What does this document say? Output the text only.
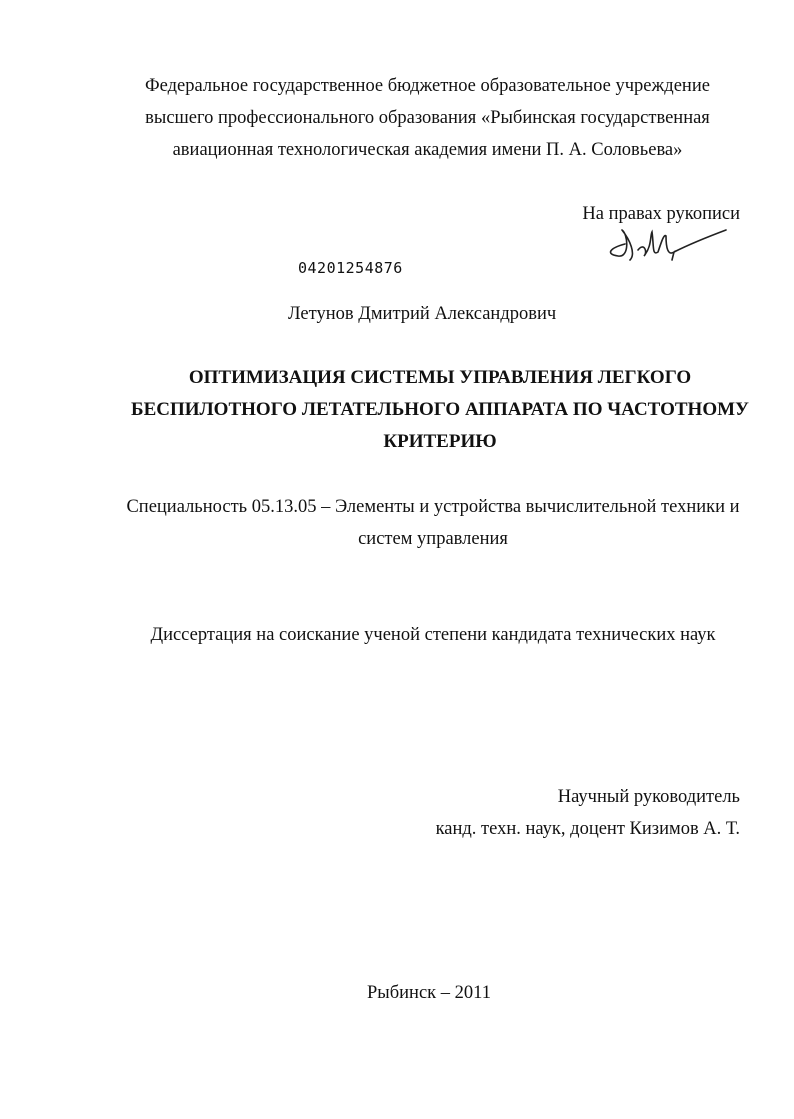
Федеральное государственное бюджетное образовательное учреждение
высшего профессионального образования «Рыбинская государственная
авиационная технологическая академия имени П. А. Соловьева»
На правах рукописи
04201254876
Летунов Дмитрий Александрович
ОПТИМИЗАЦИЯ СИСТЕМЫ УПРАВЛЕНИЯ ЛЕГКОГО
БЕСПИЛОТНОГО ЛЕТАТЕЛЬНОГО АППАРАТА ПО ЧАСТОТНОМУ
КРИТЕРИЮ
Специальность 05.13.05 – Элементы и устройства вычислительной техники и
систем управления
Диссертация на соискание ученой степени кандидата технических наук
Научный руководитель
канд. техн. наук, доцент Кизимов А. Т.
Рыбинск – 2011
